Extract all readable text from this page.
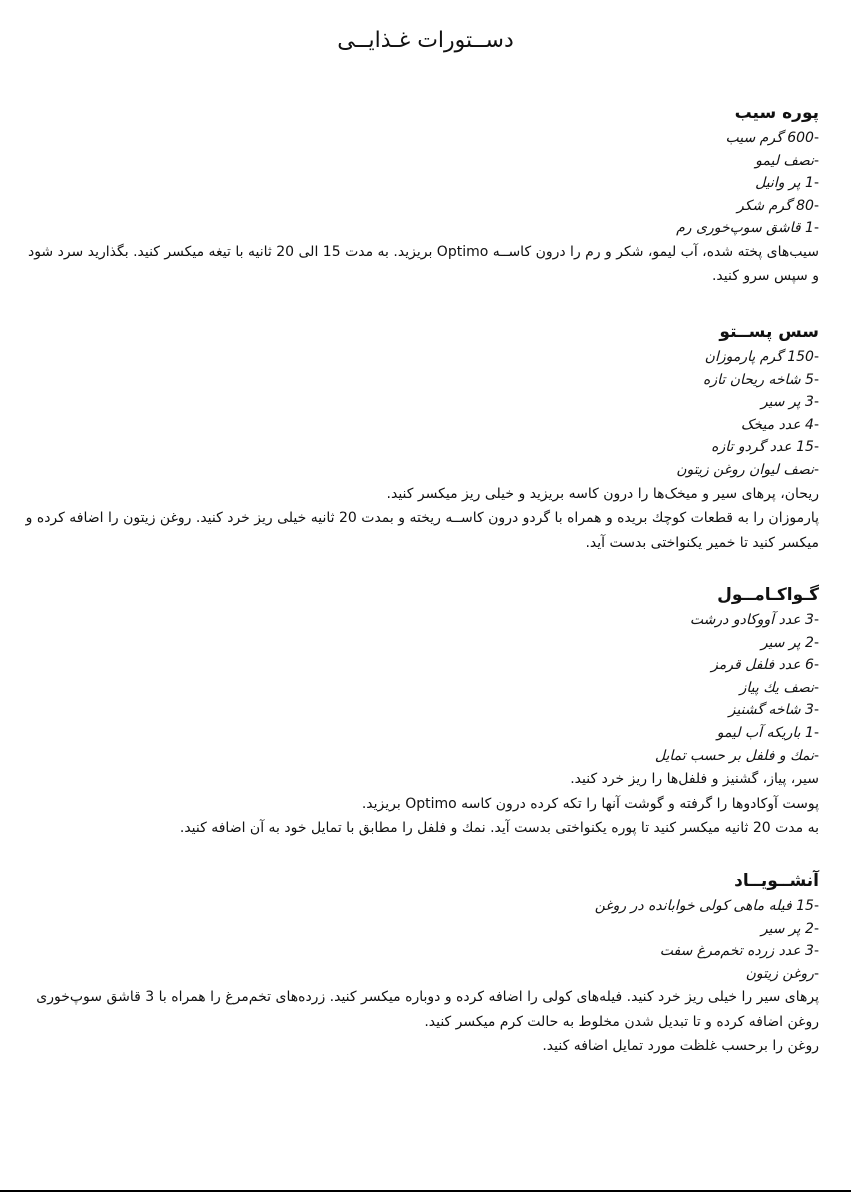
دســتورات غـذایــی
پوره سیب
-600 گرم سیب
-نصف لیمو
-1 پر وانیل
-80 گرم شکر
-1 قاشق سوپ‌خوری رم

سیب‌های پخته شده، آب لیمو، شکر و رم را درون کاســه Optimo بریزید. به مدت 15 الی 20 ثانیه با تیغه میکسر کنید. بگذارید سرد شود و سپس سرو کنید.

سس پســتو
-150 گرم پارموزان
-5 شاخه ریحان تازه
-3 پر سیر
-4 عدد میخک
-15 عدد گردو تازه
-نصف لیوان روغن زیتون

ریحان، پرهای سیر و میخک‌ها را درون کاسه بریزید و خیلی ریز میکسر کنید.

پارموزان را به قطعات کوچك بریده و همراه با گردو درون کاســه ریخته و بمدت 20 ثانیه خیلی ریز خرد کنید. روغن زیتون را اضافه کرده و میکسر کنید تا خمیر یکنواختی بدست آید.

گـواکـامــول
-3 عدد آووکادو درشت
-2 پر سیر
-6 عدد فلفل قرمز
-نصف یك پیاز
-3 شاخه گشنیز
-1 باریکه آب لیمو
-نمك و فلفل بر حسب تمایل

سیر، پیاز، گشنیز و فلفل‌ها را ریز خرد کنید.

پوست آوکادوها را گرفته و گوشت آنها را تکه کرده درون کاسه Optimo بریزید.

به مدت 20 ثانیه میکسر کنید تا پوره یکنواختی بدست آید. نمك و فلفل را مطابق با تمایل خود به آن اضافه کنید.

آنشــویــاد
-15 فیله ماهی کولی خوابانده در روغن
-2 پر سیر
-3 عدد زرده تخم‌مرغ سفت
-روغن زیتون

پرهای سیر را خیلی ریز خرد کنید. فیله‌های کولی را اضافه کرده و دوباره میکسر کنید. زرده‌های تخم‌مرغ را همراه با 3 قاشق سوپ‌خوری روغن اضافه کرده و تا تبدیل شدن مخلوط به حالت کرم میکسر کنید.

روغن را برحسب غلظت مورد تمایل اضافه کنید.
